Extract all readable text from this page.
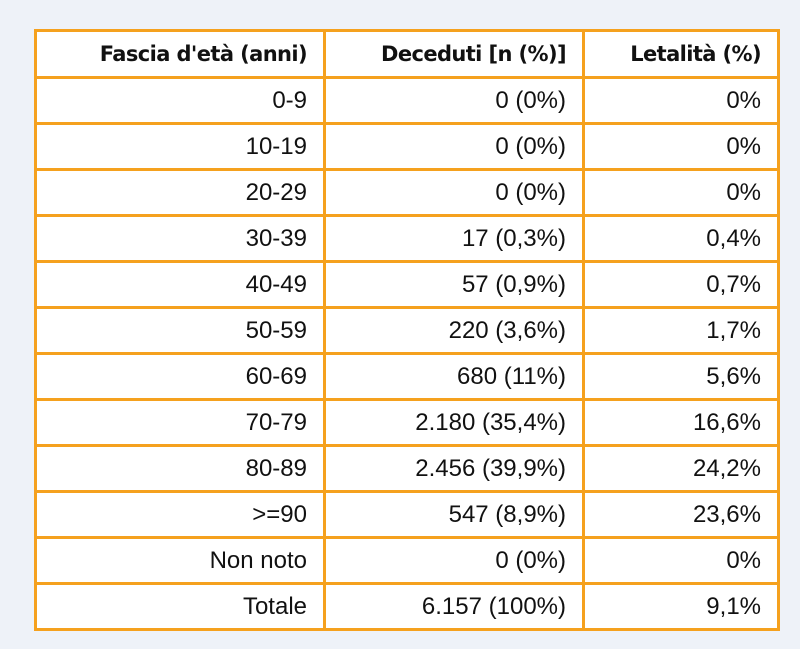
Fascia d'età (anni)	Deceduti [n (%)]	Letalità (%)
0-9	0 (0%)	0%
10-19	0 (0%)	0%
20-29	0 (0%)	0%
30-39	17 (0,3%)	0,4%
40-49	57 (0,9%)	0,7%
50-59	220 (3,6%)	1,7%
60-69	680 (11%)	5,6%
70-79	2.180 (35,4%)	16,6%
80-89	2.456 (39,9%)	24,2%
>=90	547 (8,9%)	23,6%
Non noto	0 (0%)	0%
Totale	6.157 (100%)	9,1%
